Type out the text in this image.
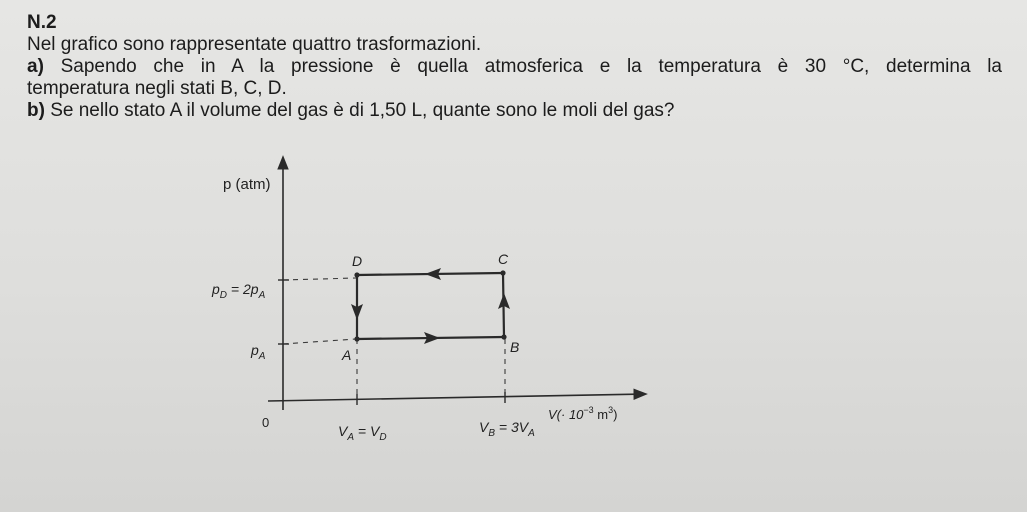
N.2
Nel grafico sono rappresentate quattro trasformazioni.
a) Sapendo che in A la pressione è quella atmosferica e la temperatura è 30 °C, determina la
temperatura negli stati B, C, D.
b) Se nello stato A il volume del gas è di 1,50 L, quante sono le moli del gas?
A	B
C
D
p (atm)
$V(\cdot 10^{-3}$ $m^3$)
0
$p_D = 2p_A$
$p_A$
$V_A = V_D$
$V_B = 3V_A$
